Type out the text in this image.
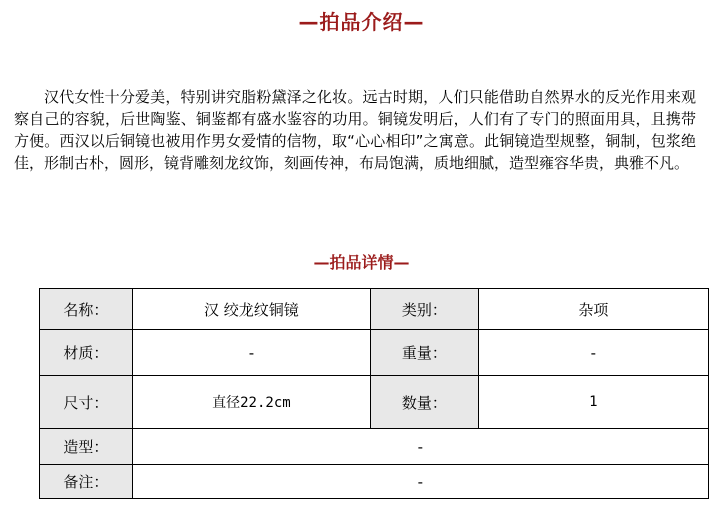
—拍品介绍—
汉代女性十分爱美，特别讲究脂粉黛泽之化妆。远古时期，人们只能借助自然界水的反光作用来观察自己的容貌，后世陶鉴、铜鉴都有盛水鉴容的功用。铜镜发明后，人们有了专门的照面用具，且携带方便。西汉以后铜镜也被用作男女爱情的信物，取“心心相印”之寓意。此铜镜造型规整，铜制，包浆绝佳，形制古朴，圆形，镜背雕刻龙纹饰，刻画传神，布局饱满，质地细腻，造型雍容华贵，典雅不凡。
—拍品详情—
名称：	汉 绞龙纹铜镜	类别：	杂项
材质：	-	重量：	-
尺寸：	直径22.2cm	数量：	1
造型：	-		
备注：	-		
